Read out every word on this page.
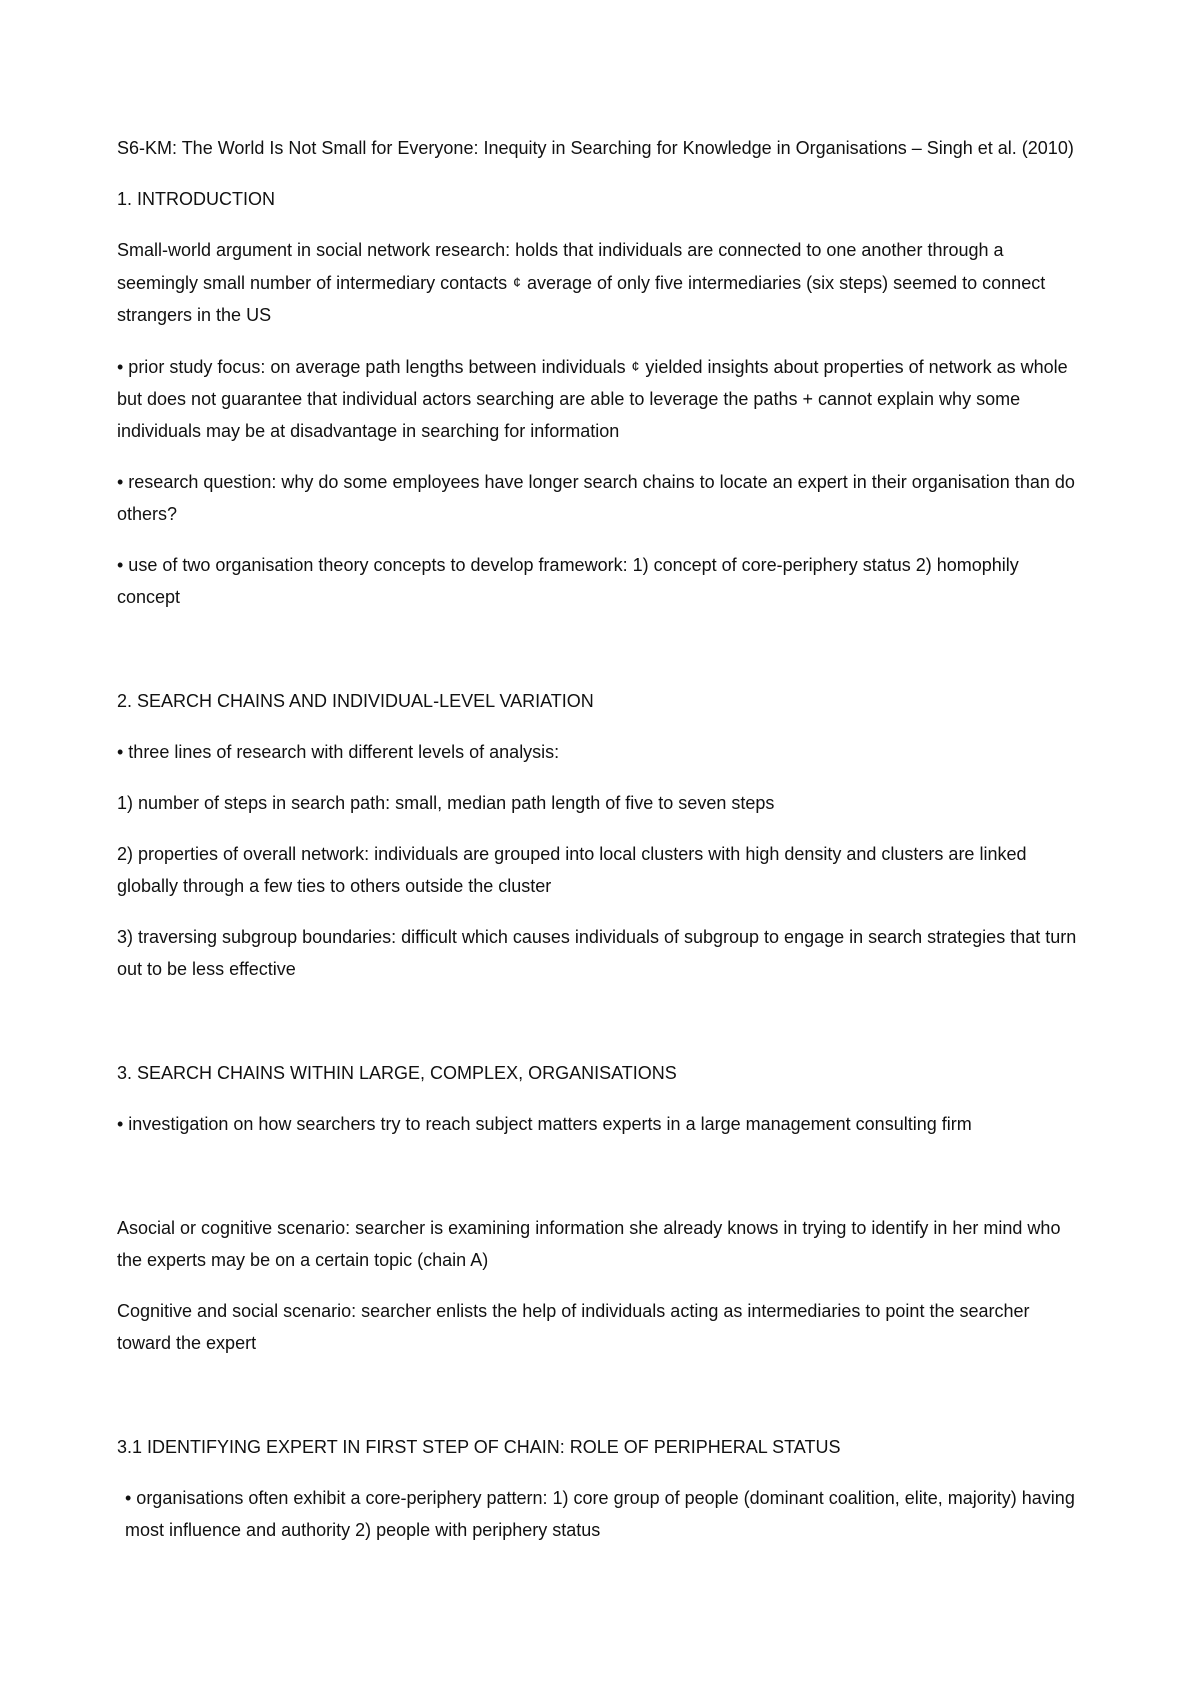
S6-KM: The World Is Not Small for Everyone: Inequity in Searching for Knowledge in Organisations – Singh et al. (2010)
1. INTRODUCTION

Small-world argument in social network research: holds that individuals are connected to one another through a seemingly small number of intermediary contacts ¢ average of only five intermediaries (six steps) seemed to connect strangers in the US

• prior study focus: on average path lengths between individuals ¢ yielded insights about properties of network as whole but does not guarantee that individual actors searching are able to leverage the paths + cannot explain why some individuals may be at disadvantage in searching for information

• research question: why do some employees have longer search chains to locate an expert in their organisation than do others?

• use of two organisation theory concepts to develop framework: 1) concept of core-periphery status 2) homophily concept

2. SEARCH CHAINS AND INDIVIDUAL-LEVEL VARIATION

• three lines of research with different levels of analysis:

1) number of steps in search path: small, median path length of five to seven steps

2) properties of overall network: individuals are grouped into local clusters with high density and clusters are linked globally through a few ties to others outside the cluster

3) traversing subgroup boundaries: difficult which causes individuals of subgroup to engage in search strategies that turn out to be less effective

3. SEARCH CHAINS WITHIN LARGE, COMPLEX, ORGANISATIONS

• investigation on how searchers try to reach subject matters experts in a large management consulting firm

Asocial or cognitive scenario: searcher is examining information she already knows in trying to identify in her mind who the experts may be on a certain topic (chain A)

Cognitive and social scenario: searcher enlists the help of individuals acting as intermediaries to point the searcher toward the expert

3.1 IDENTIFYING EXPERT IN FIRST STEP OF CHAIN: ROLE OF PERIPHERAL STATUS

• organisations often exhibit a core-periphery pattern: 1) core group of people (dominant coalition, elite, majority) having most influence and authority 2) people with periphery status
